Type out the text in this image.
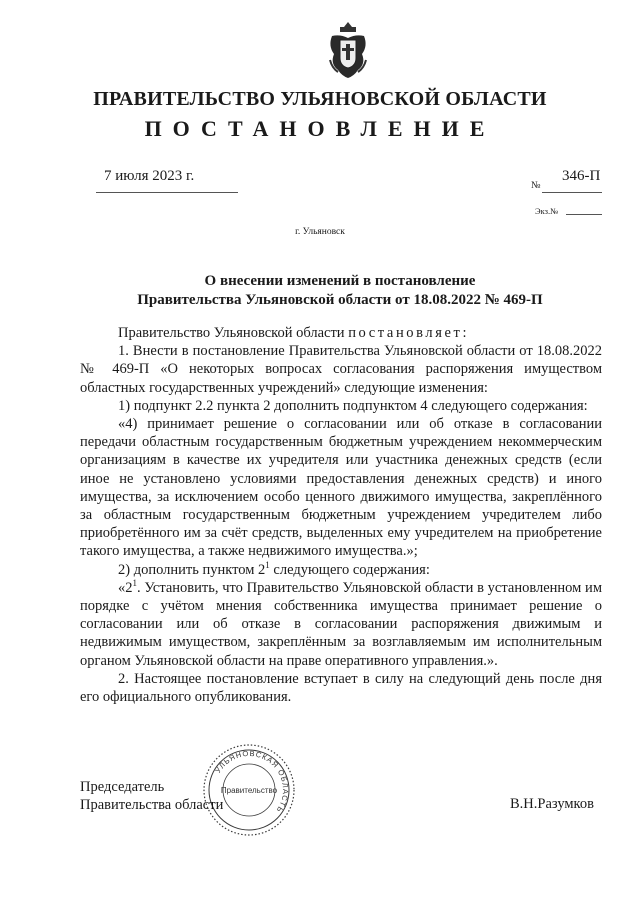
ПРАВИТЕЛЬСТВО УЛЬЯНОВСКОЙ ОБЛАСТИ
ПОСТАНОВЛЕНИЕ
7 июля 2023 г.	346-П
№
Экз.№
г. Ульяновск
О внесении изменений в постановление
Правительства Ульяновской области от 18.08.2022 № 469-П

Правительство Ульяновской области постановляет:

1. Внести в постановление Правительства Ульяновской области от 18.08.2022 № 469-П «О некоторых вопросах согласования распоряжения имуществом областных государственных учреждений» следующие изменения:

1) подпункт 2.2 пункта 2 дополнить подпунктом 4 следующего содержания:

«4) принимает решение о согласовании или об отказе в согласовании передачи областным государственным бюджетным учреждением некоммерческим организациям в качестве их учредителя или участника денежных средств (если иное не установлено условиями предоставления денежных средств) и иного имущества, за исключением особо ценного движимого имущества, закреплённого за областным государственным бюджетным учреждением учредителем либо приобретённого им за счёт средств, выделенных ему учредителем на приобретение такого имущества, а также недвижимого имущества.»;

2) дополнить пунктом $2^1$ следующего содержания:

«$2^1$. Установить, что Правительство Ульяновской области в установленном им порядке с учётом мнения собственника имущества принимает решение о согласовании или об отказе в согласовании распоряжения движимым и недвижимым имуществом, закреплённым за возглавляемым им исполнительным органом Ульяновской области на праве оперативного управления.».

2. Настоящее постановление вступает в силу на следующий день после дня его официального опубликования.

УЛЬЯНОВСКАЯ ОБЛАСТЬ
Правительство
Председатель
Правительства области	В.Н.Разумков
